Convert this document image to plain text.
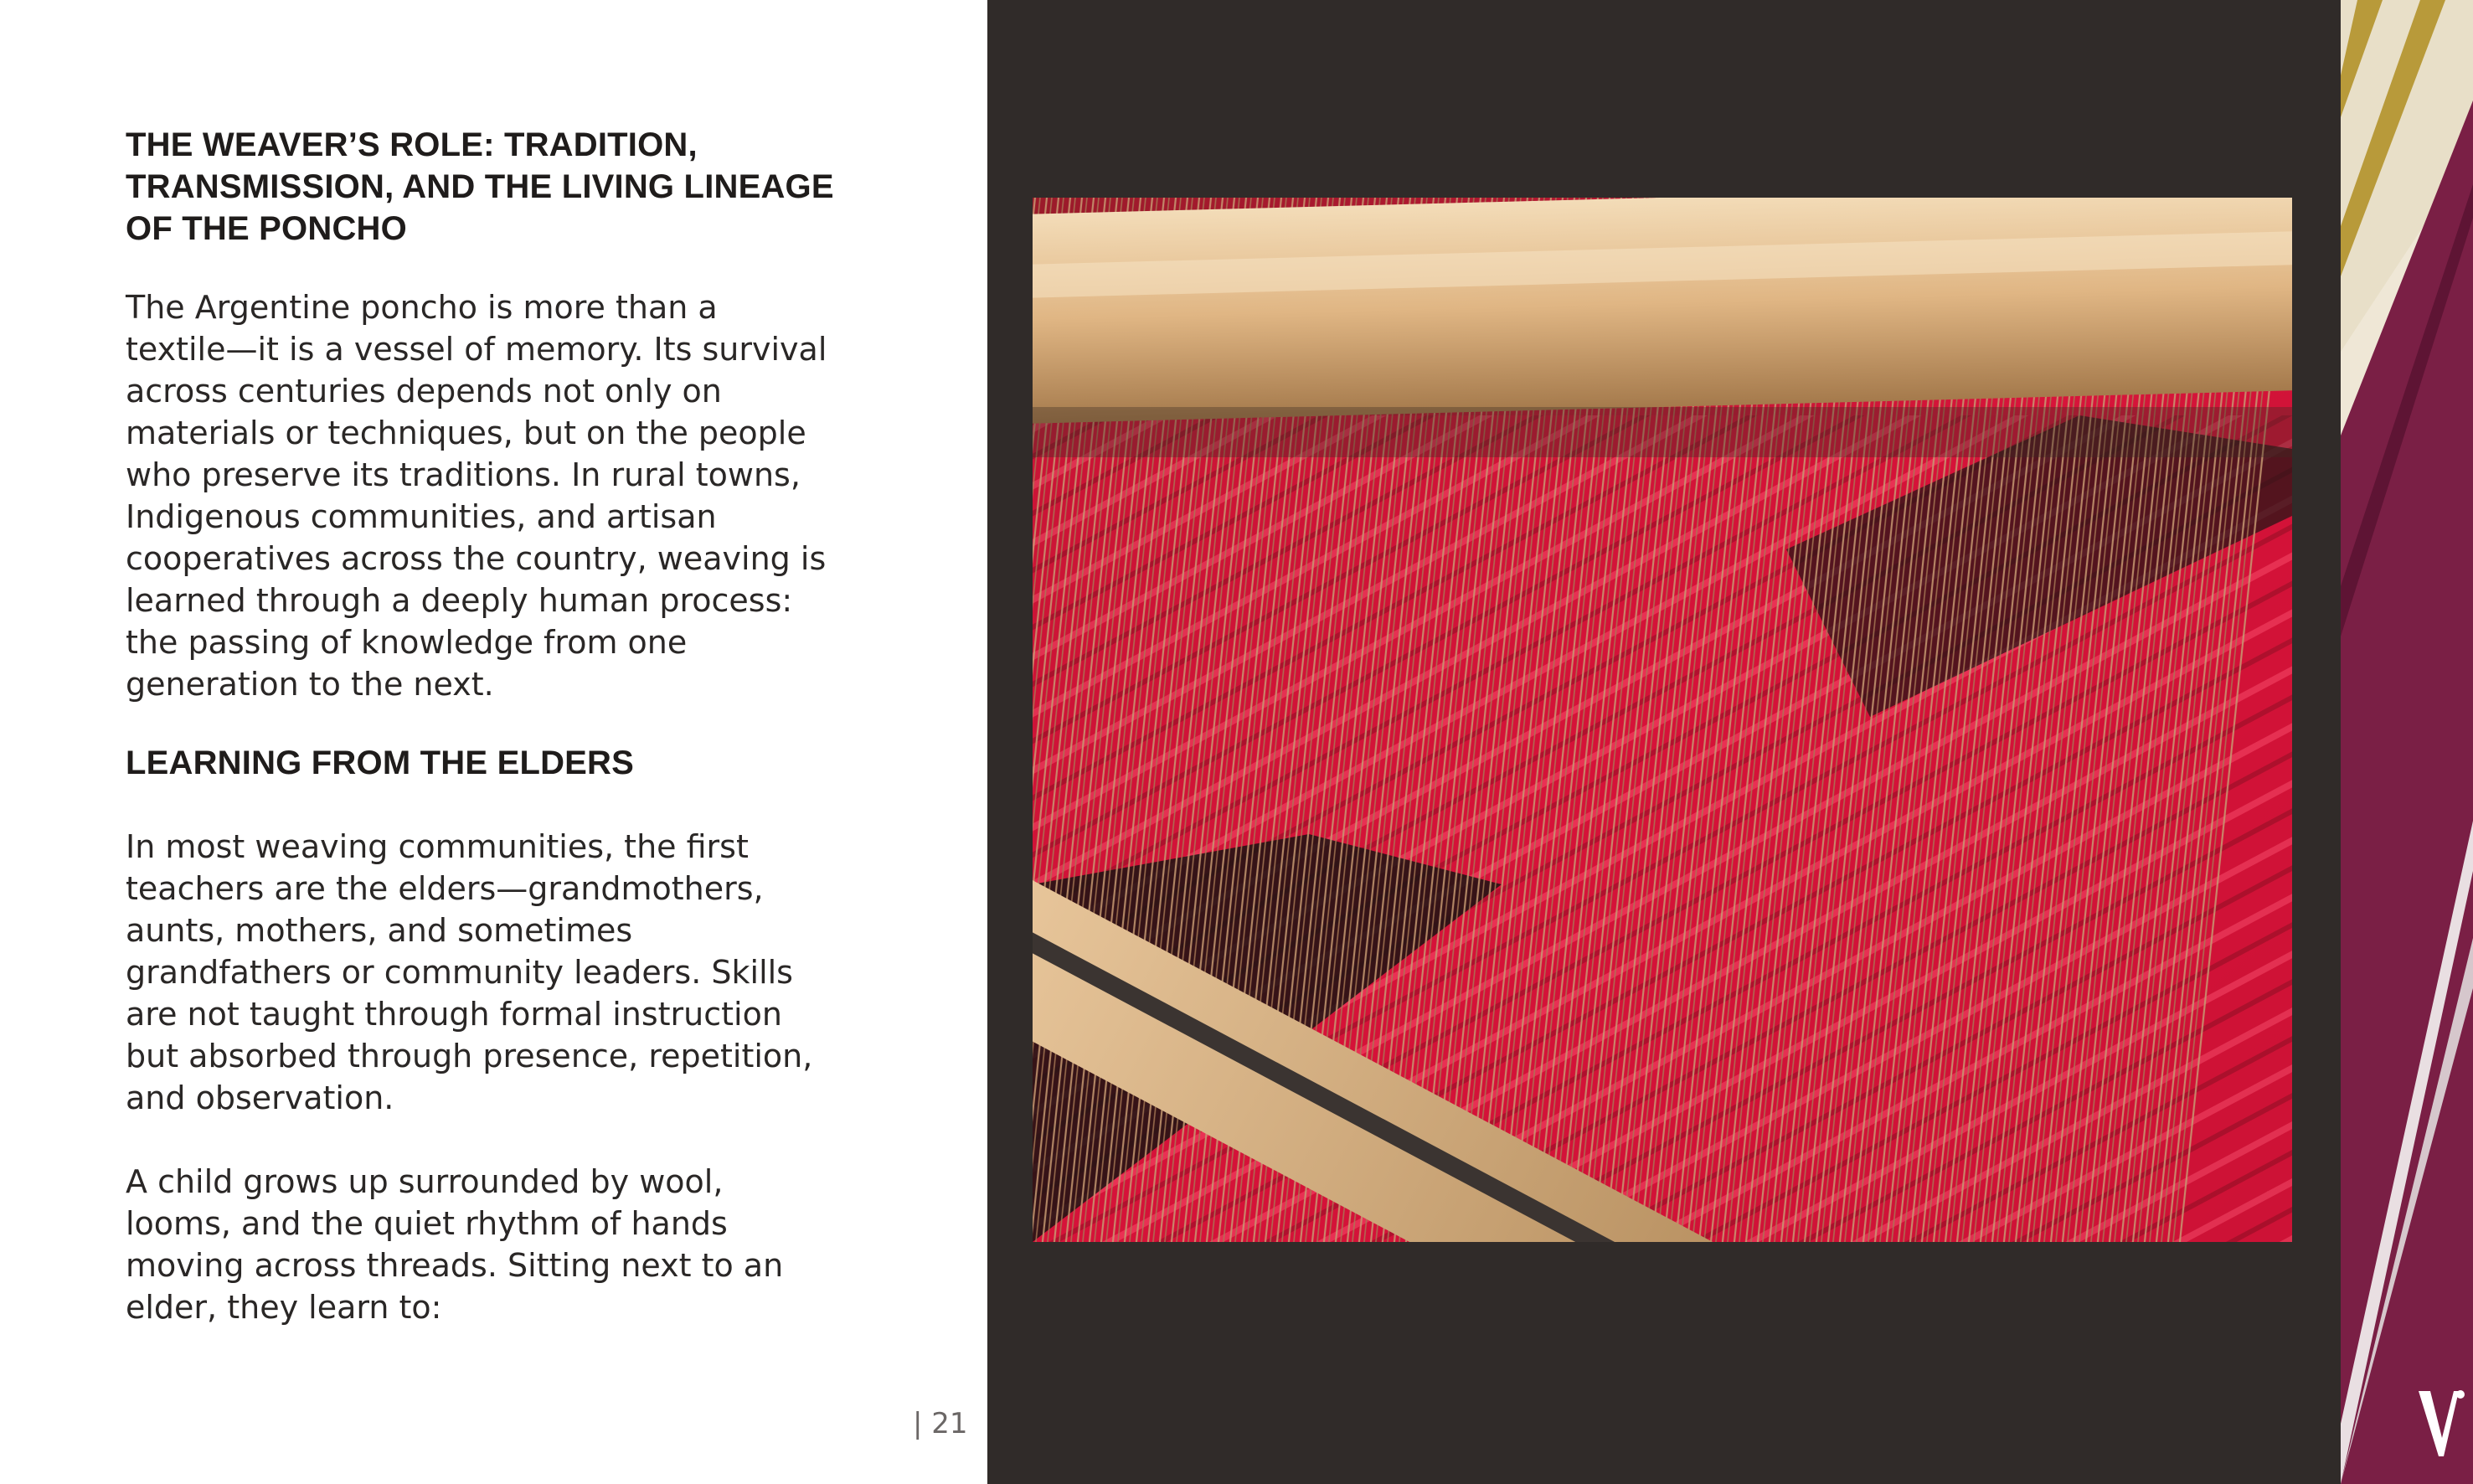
THE WEAVER’S ROLE: TRADITION,
TRANSMISSION, AND THE LIVING LINEAGE
OF THE PONCHO

The Argentine poncho is more than a
textile—it is a vessel of memory. Its survival
across centuries depends not only on
materials or techniques, but on the people
who preserve its traditions. In rural towns,
Indigenous communities, and artisan
cooperatives across the country, weaving is
learned through a deeply human process:
the passing of knowledge from one
generation to the next.

LEARNING FROM THE ELDERS

In most weaving communities, the first
teachers are the elders—grandmothers,
aunts, mothers, and sometimes
grandfathers or community leaders. Skills
are not taught through formal instruction
but absorbed through presence, repetition,
and observation.

A child grows up surrounded by wool,
looms, and the quiet rhythm of hands
moving across threads. Sitting next to an
elder, they learn to:

| 21
